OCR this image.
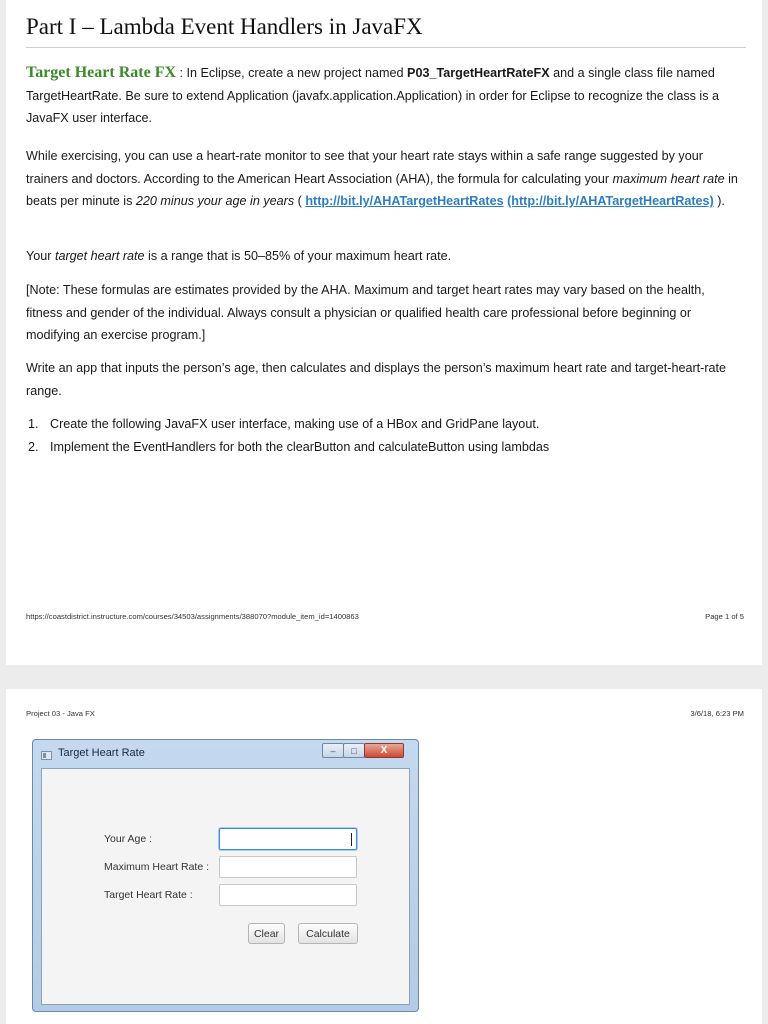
Part I – Lambda Event Handlers in JavaFX

Target Heart Rate FX : In Eclipse, create a new project named P03_TargetHeartRateFX and a single class file named TargetHeartRate. Be sure to extend Application (javafx.application.Application) in order for Eclipse to recognize the class is a JavaFX user interface.

While exercising, you can use a heart-rate monitor to see that your heart rate stays within a safe range suggested by your trainers and doctors. According to the American Heart Association (AHA), the formula for calculating your maximum heart rate in beats per minute is 220 minus your age in years ( http://bit.ly/AHATargetHeartRates (http://bit.ly/AHATargetHeartRates) ).

Your target heart rate is a range that is 50–85% of your maximum heart rate.

[Note: These formulas are estimates provided by the AHA. Maximum and target heart rates may vary based on the health, fitness and gender of the individual. Always consult a physician or qualified health care professional before beginning or modifying an exercise program.]

Write an app that inputs the person’s age, then calculates and displays the person’s maximum heart rate and target-heart-rate range.

1. Create the following JavaFX user interface, making use of a HBox and GridPane layout.
2. Implement the EventHandlers for both the clearButton and calculateButton using lambdas
https://coastdistrict.instructure.com/courses/34503/assignments/388070?module_item_id=1400863	Page 1 of 5
Project 03 - Java FX	3/6/18, 6:23 PM
Target Heart Rate	–	□	X
Your Age :
Maximum Heart Rate :
Target Heart Rate :
Clear	Calculate
